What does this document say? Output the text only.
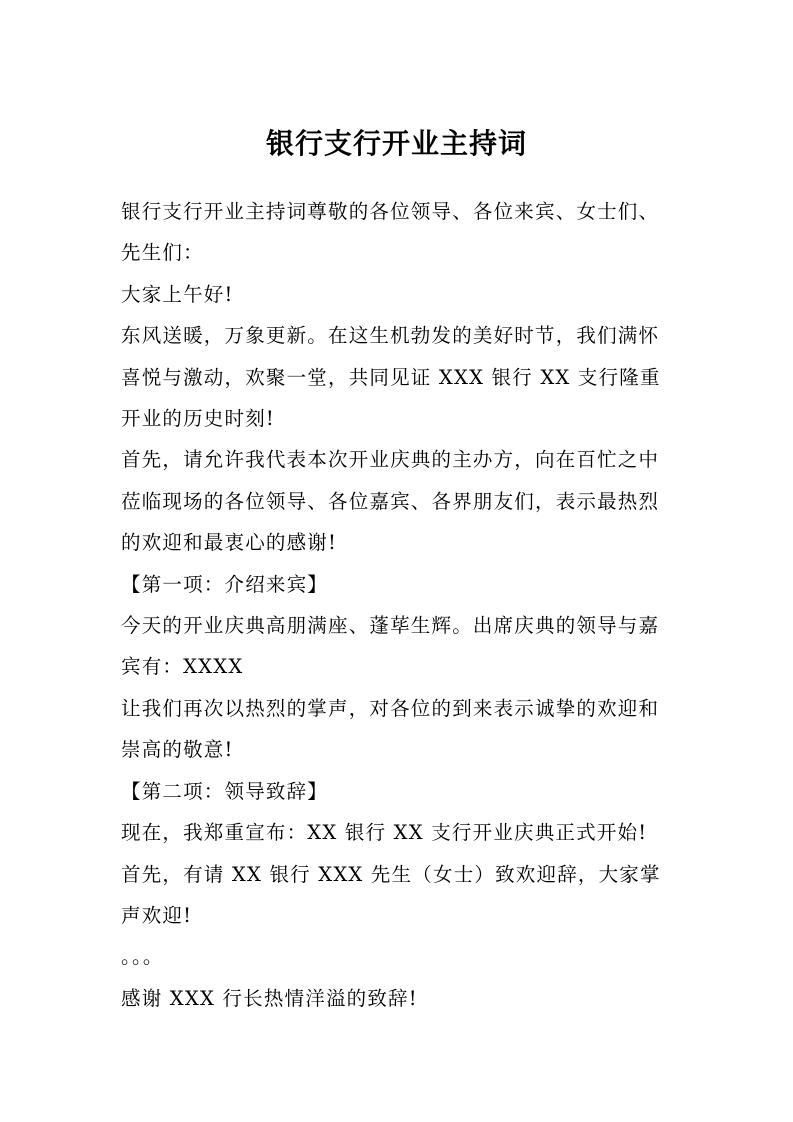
银行支行开业主持词

银行支行开业主持词尊敬的各位领导、各位来宾、女士们、先生们：

大家上午好!

东风送暖，万象更新。在这生机勃发的美好时节，我们满怀喜悦与激动，欢聚一堂，共同见证 XXX 银行 XX 支行隆重开业的历史时刻!

首先，请允许我代表本次开业庆典的主办方，向在百忙之中莅临现场的各位领导、各位嘉宾、各界朋友们，表示最热烈的欢迎和最衷心的感谢!

【第一项：介绍来宾】

今天的开业庆典高朋满座、蓬荜生辉。出席庆典的领导与嘉宾有：XXXX

让我们再次以热烈的掌声，对各位的到来表示诚挚的欢迎和崇高的敬意!

【第二项：领导致辞】

现在，我郑重宣布：XX 银行 XX 支行开业庆典正式开始!

首先，有请 XX 银行 XXX 先生（女士）致欢迎辞，大家掌声欢迎!

。。。

感谢 XXX 行长热情洋溢的致辞!
